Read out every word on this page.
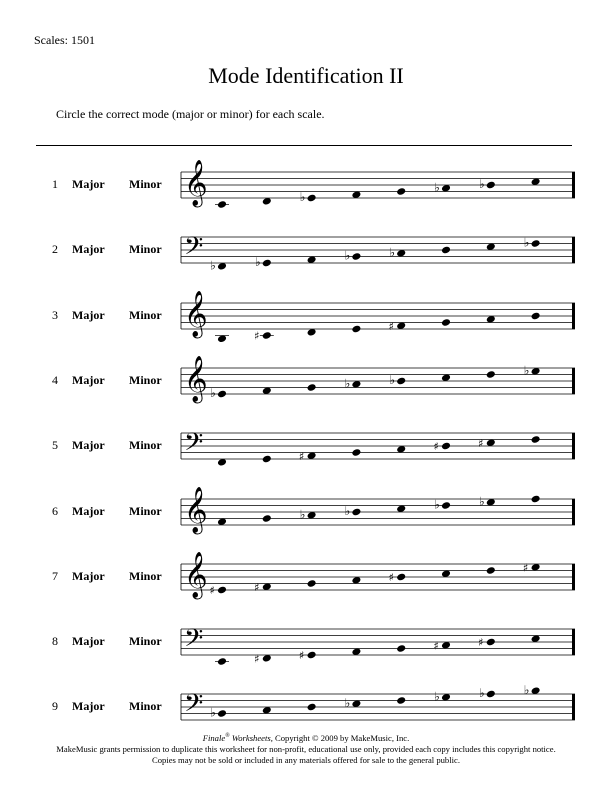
Scales: 1501
Mode Identification II
Circle the correct mode (major or minor) for each scale.
1 Major Minor 𝄞	♭
♭	♭
2 Major Minor 𝄢 ♭	♭	♭	♭
♭
3 Major Minor 𝄞	♯
♯
4 Major Minor 𝄞 ♭
♭	♭
♭
5 Major Minor 𝄢	♯
♯	♯
6 Major Minor 𝄞	♭	♭	♭	♭
7 Major Minor 𝄞 ♯	♯
♯
♯
8 Major Minor 𝄢	♯	♯
♯	♯
9 Major Minor 𝄢 ♭
♭	♭	♭	♭
Finale® Worksheets, Copyright © 2009 by MakeMusic, Inc.
MakeMusic grants permission to duplicate this worksheet for non-profit, educational use only, provided each copy includes this copyright notice.
Copies may not be sold or included in any materials offered for sale to the general public.
